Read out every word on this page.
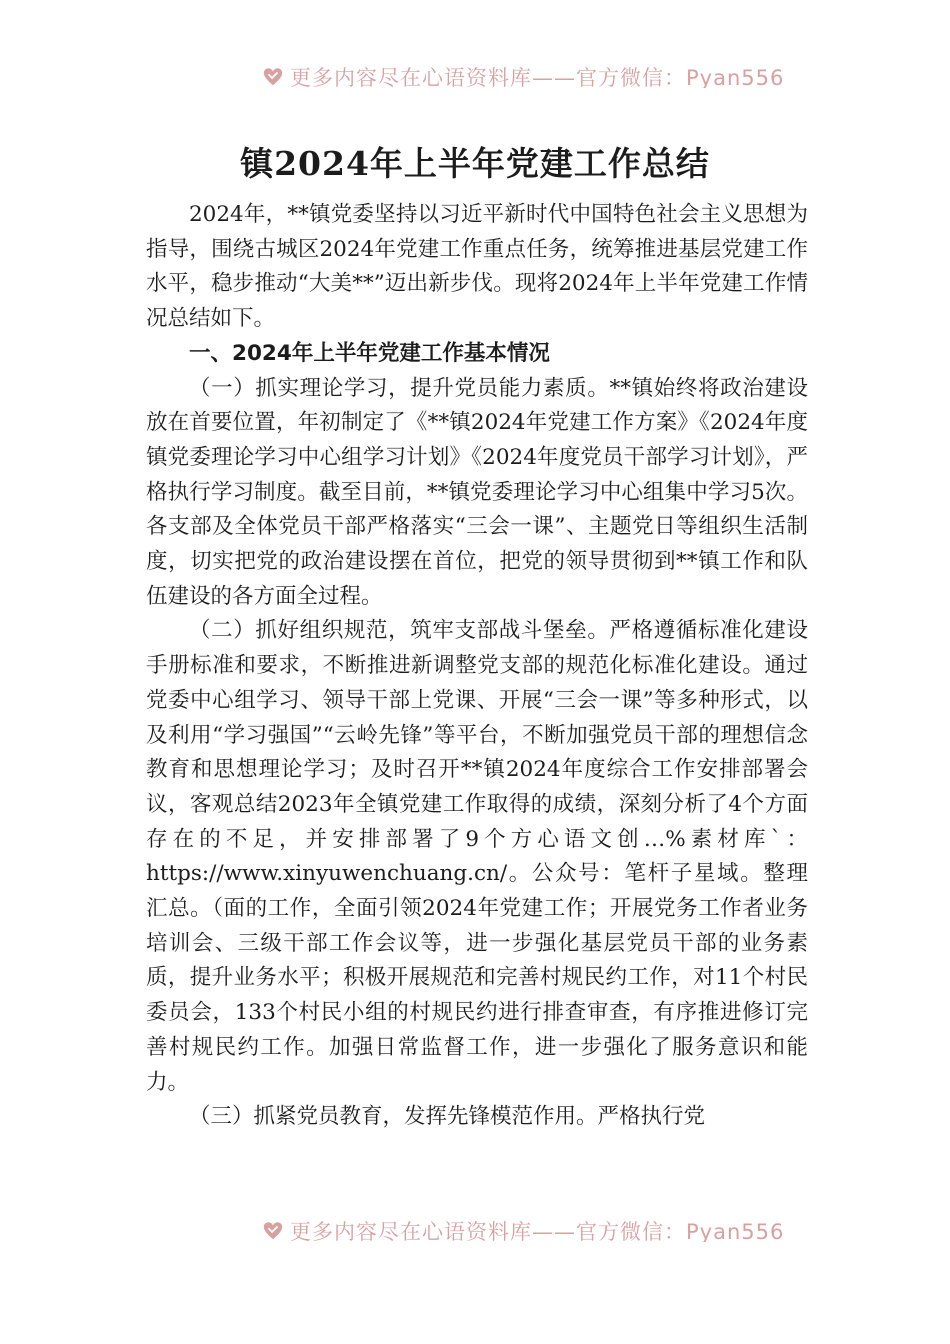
更多内容尽在心语资料库——官方微信：Pyan556
镇2024年上半年党建工作总结

2024年，**镇党委坚持以习近平新时代中国特色社会主义思想为指导，围绕古城区2024年党建工作重点任务，统筹推进基层党建工作水平，稳步推动“大美**”迈出新步伐。现将2024年上半年党建工作情况总结如下。

一、2024年上半年党建工作基本情况

（一）抓实理论学习，提升党员能力素质。**镇始终将政治建设放在首要位置，年初制定了《**镇2024年党建工作方案》《2024年度镇党委理论学习中心组学习计划》《2024年度党员干部学习计划》，严格执行学习制度。截至目前，**镇党委理论学习中心组集中学习5次。各支部及全体党员干部严格落实“三会一课”、主题党日等组织生活制度，切实把党的政治建设摆在首位，把党的领导贯彻到**镇工作和队伍建设的各方面全过程。

（二）抓好组织规范，筑牢支部战斗堡垒。严格遵循标准化建设手册标准和要求，不断推进新调整党支部的规范化标准化建设。通过党委中心组学习、领导干部上党课、开展“三会一课”等多种形式，以及利用“学习强国”“云岭先锋”等平台，不断加强党员干部的理想信念教育和思想理论学习；及时召开**镇2024年度综合工作安排部署会议，客观总结2023年全镇党建工作取得的成绩，深刻分析了4个方面存在的不足，并安排部署了9个方心语文创…%素材库`：https://www.xinyuwenchuang.cn/。公众号：笔杆子星域。整理汇总。（面的工作，全面引领2024年党建工作；开展党务工作者业务培训会、三级干部工作会议等，进一步强化基层党员干部的业务素质，提升业务水平；积极开展规范和完善村规民约工作，对11个村民委员会，133个村民小组的村规民约进行排查审查，有序推进修订完善村规民约工作。加强日常监督工作，进一步强化了服务意识和能力。

（三）抓紧党员教育，发挥先锋模范作用。严格执行党

更多内容尽在心语资料库——官方微信：Pyan556
